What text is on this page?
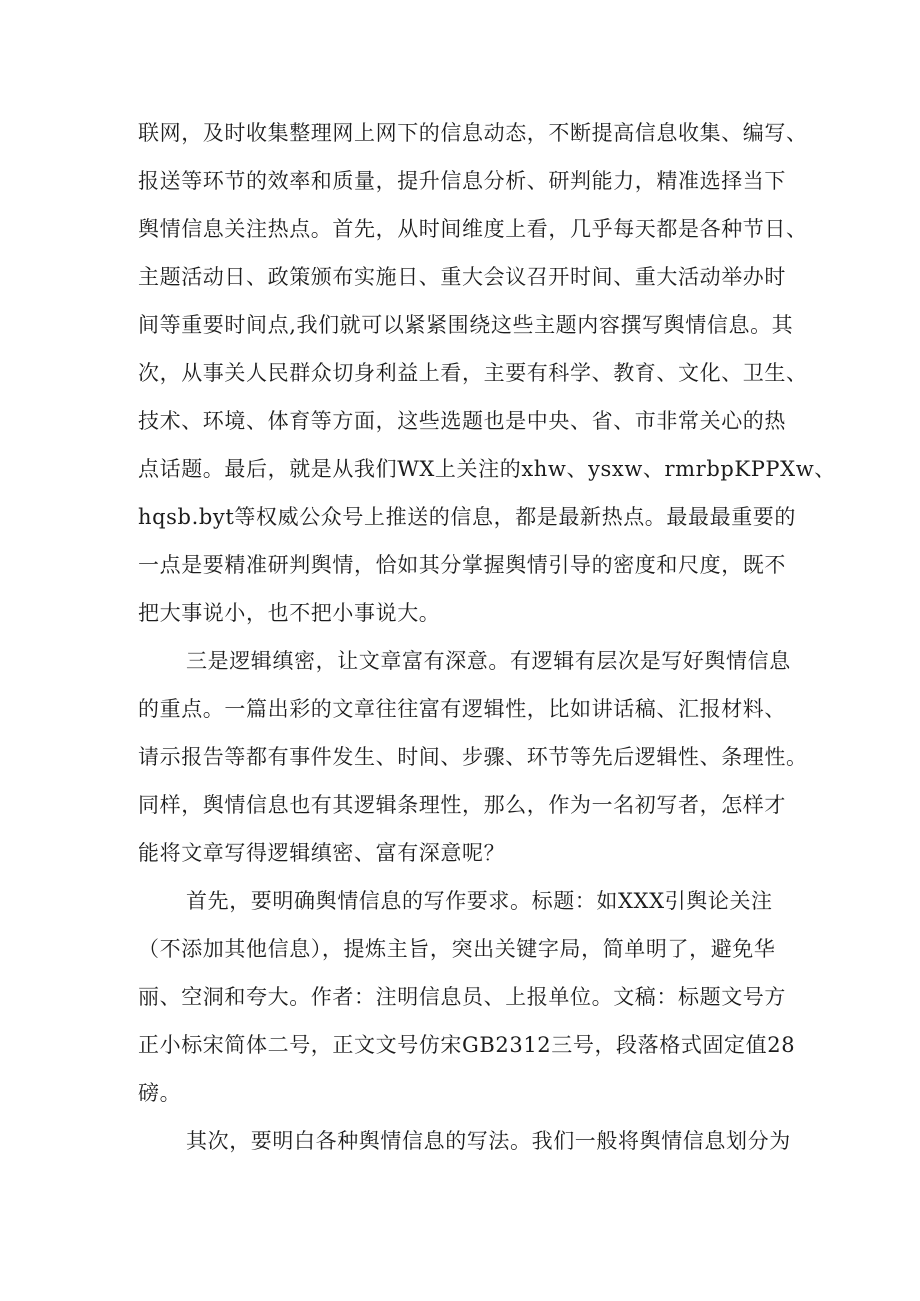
联网，及时收集整理网上网下的信息动态，不断提高信息收集、编写、
报送等环节的效率和质量，提升信息分析、研判能力，精准选择当下
舆情信息关注热点。首先，从时间维度上看，几乎每天都是各种节日、
主题活动日、政策颁布实施日、重大会议召开时间、重大活动举办时
间等重要时间点,我们就可以紧紧围绕这些主题内容撰写舆情信息。其
次，从事关人民群众切身利益上看，主要有科学、教育、文化、卫生、
技术、环境、体育等方面，这些选题也是中央、省、市非常关心的热
点话题。最后，就是从我们WX上关注的xhw、ysxw、rmrbpKPPXw、
hqsb.byt等权威公众号上推送的信息，都是最新热点。最最最重要的
一点是要精准研判舆情，恰如其分掌握舆情引导的密度和尺度，既不
把大事说小，也不把小事说大。
三是逻辑缜密，让文章富有深意。有逻辑有层次是写好舆情信息
的重点。一篇出彩的文章往往富有逻辑性，比如讲话稿、汇报材料、
请示报告等都有事件发生、时间、步骤、环节等先后逻辑性、条理性。
同样，舆情信息也有其逻辑条理性，那么，作为一名初写者，怎样才
能将文章写得逻辑缜密、富有深意呢？
首先，要明确舆情信息的写作要求。标题：如XXX引舆论关注
（不添加其他信息），提炼主旨，突出关键字局，简单明了，避免华
丽、空洞和夸大。作者：注明信息员、上报单位。文稿：标题文号方
正小标宋简体二号，正文文号仿宋GB2312三号，段落格式固定值28
磅。
其次，要明白各种舆情信息的写法。我们一般将舆情信息划分为
